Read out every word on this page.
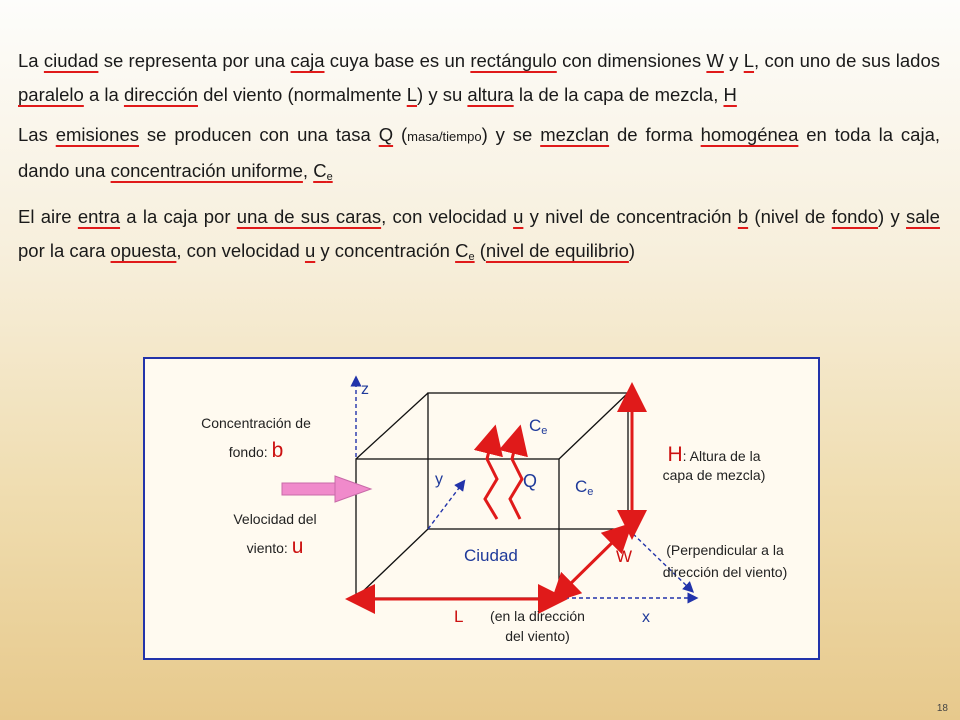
La ciudad se representa por una caja cuya base es un rectángulo con dimensiones W y L, con uno de sus lados paralelo a la dirección del viento (normalmente L) y su altura la de la capa de mezcla, H

Las emisiones se producen con una tasa Q (masa/tiempo) y se mezclan de forma homogénea en toda la caja, dando una concentración uniforme, $C_e$

El aire entra a la caja por una de sus caras, con velocidad u y nivel de concentración b (nivel de fondo) y sale por la cara opuesta, con velocidad u y concentración $C_e$ (nivel de equilibrio)

z
y
x
Concentración de
fondo: b
Velocidad del
viento: u
Ce
Ce
Q
Ciudad
H: Altura de la
capa de mezcla)
W	(Perpendicular a la
dirección del viento)
L	(en la dirección
del viento)
18
